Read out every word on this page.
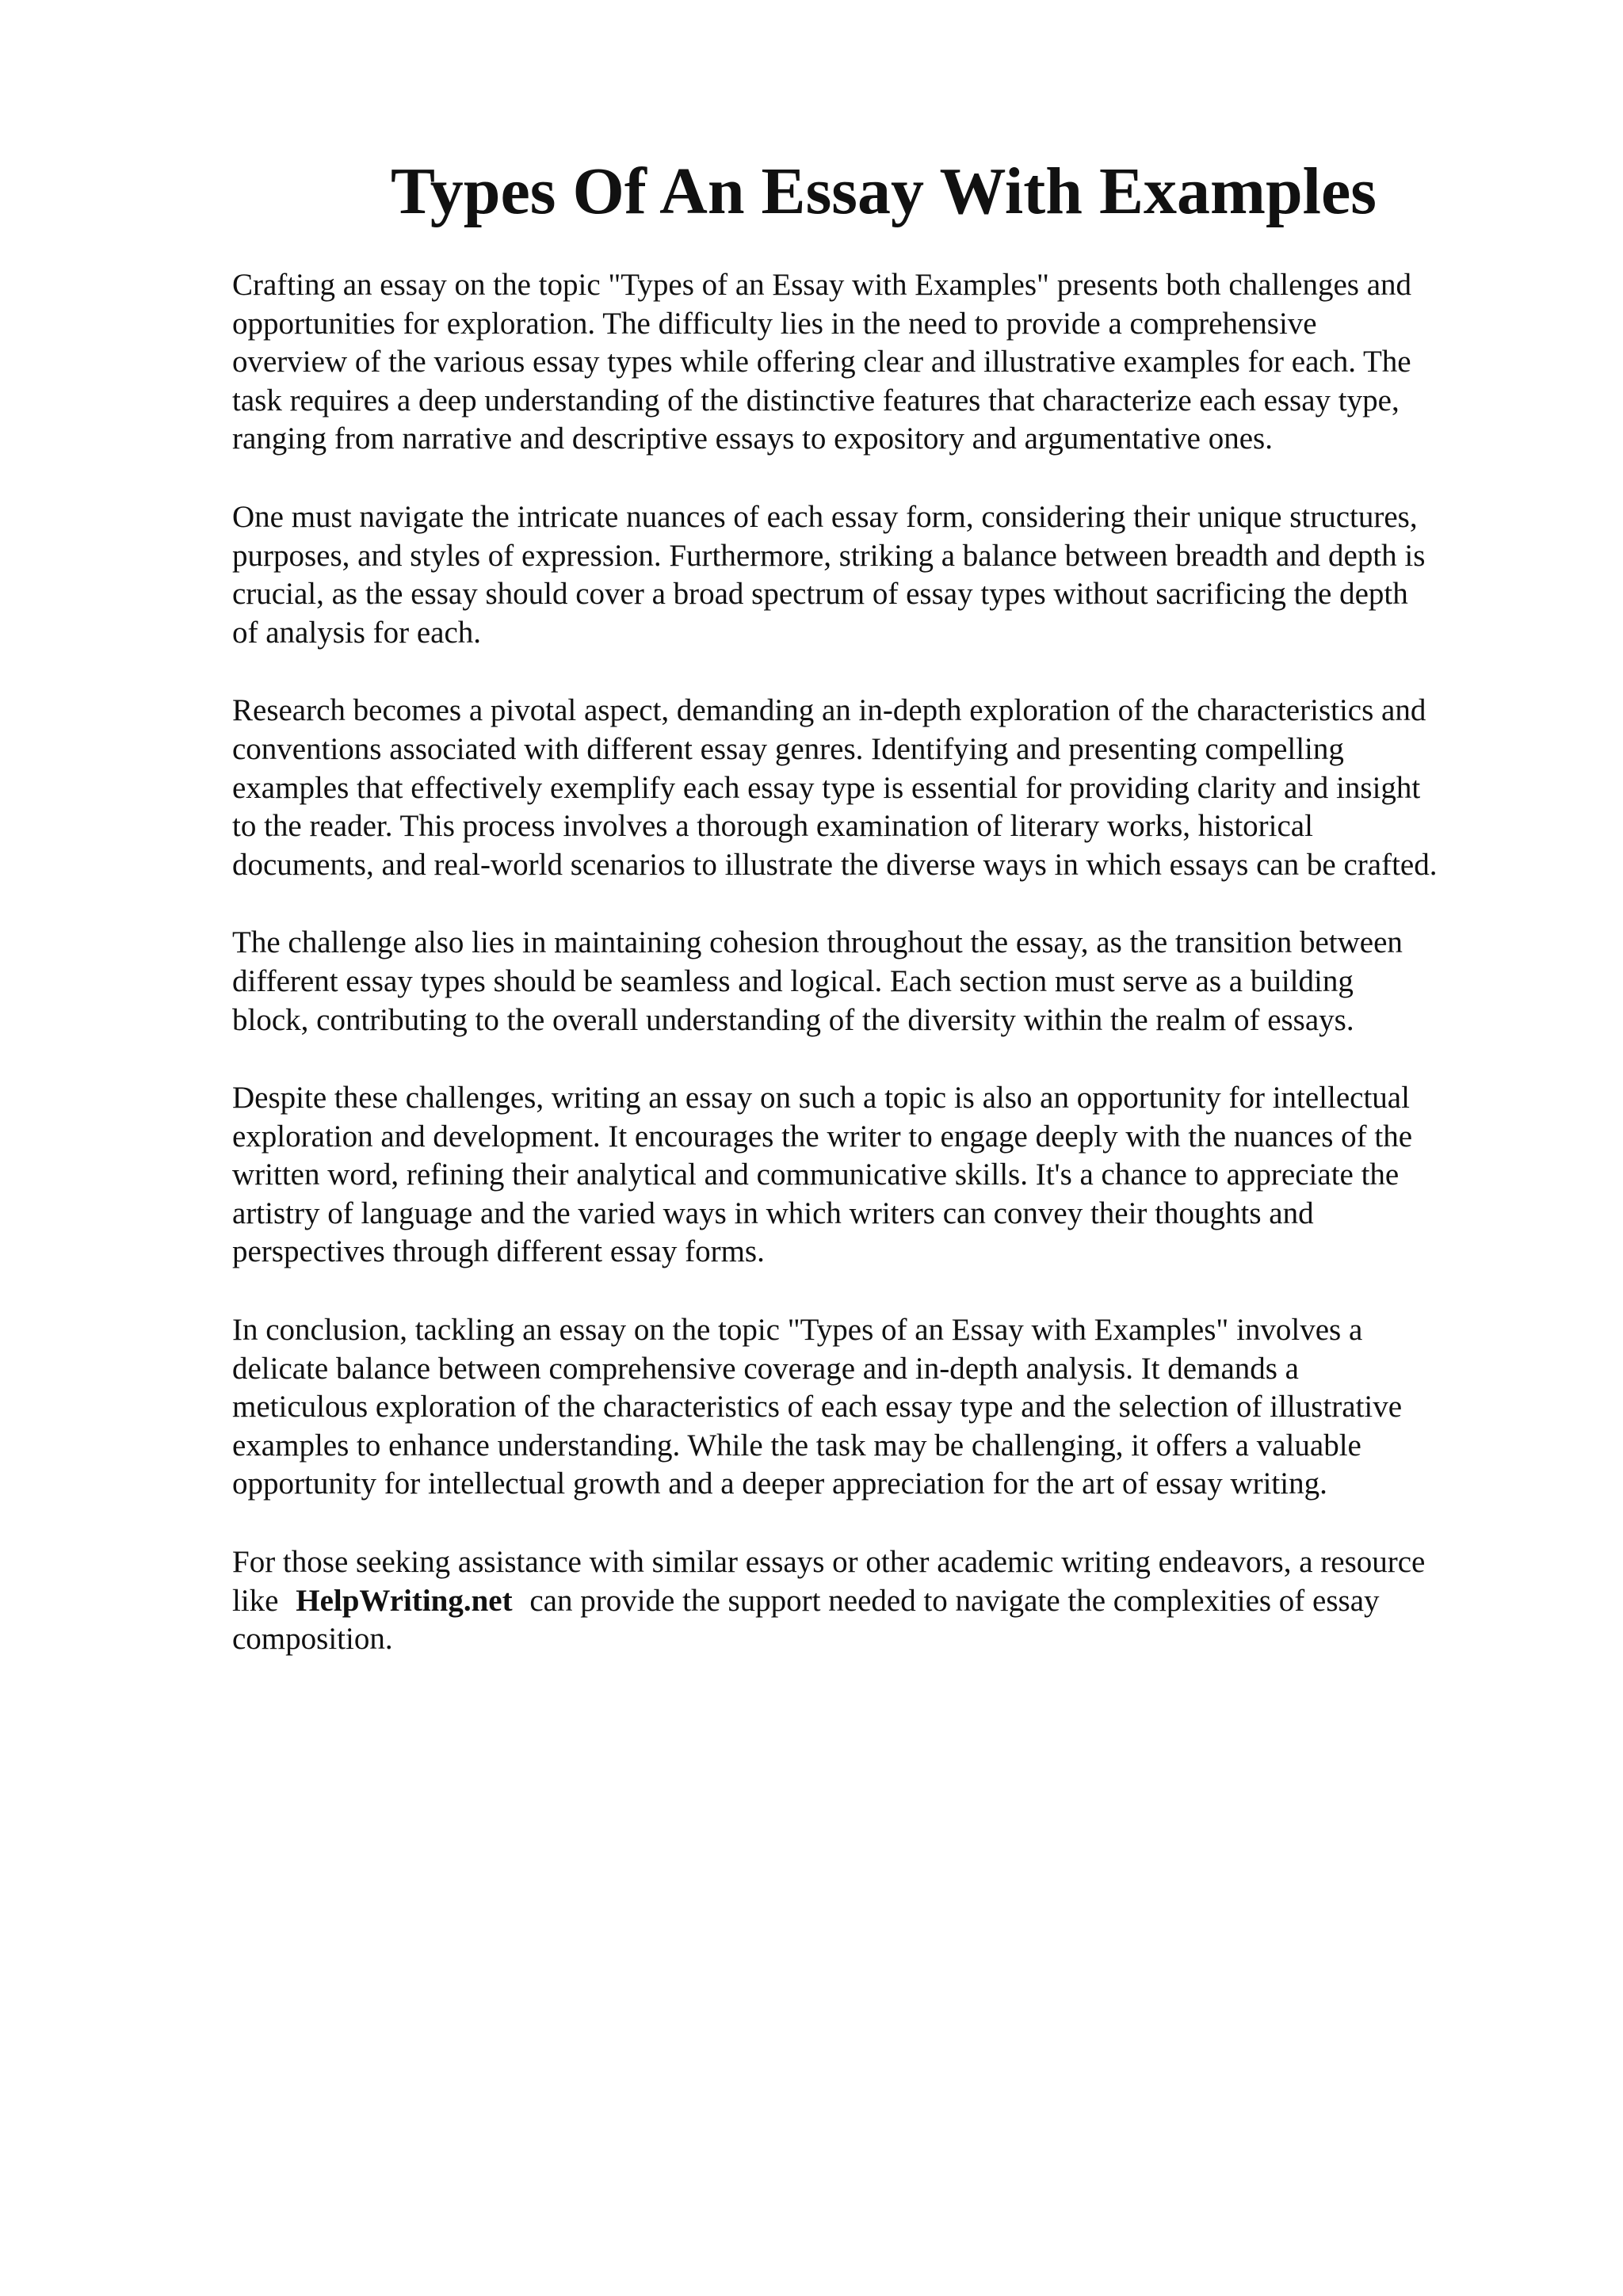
Types Of An Essay With Examples

Crafting an essay on the topic "Types of an Essay with Examples" presents both challenges and
opportunities for exploration. The difficulty lies in the need to provide a comprehensive
overview of the various essay types while offering clear and illustrative examples for each. The
task requires a deep understanding of the distinctive features that characterize each essay type,
ranging from narrative and descriptive essays to expository and argumentative ones.

One must navigate the intricate nuances of each essay form, considering their unique structures,
purposes, and styles of expression. Furthermore, striking a balance between breadth and depth is
crucial, as the essay should cover a broad spectrum of essay types without sacrificing the depth
of analysis for each.

Research becomes a pivotal aspect, demanding an in-depth exploration of the characteristics and
conventions associated with different essay genres. Identifying and presenting compelling
examples that effectively exemplify each essay type is essential for providing clarity and insight
to the reader. This process involves a thorough examination of literary works, historical
documents, and real-world scenarios to illustrate the diverse ways in which essays can be crafted.

The challenge also lies in maintaining cohesion throughout the essay, as the transition between
different essay types should be seamless and logical. Each section must serve as a building
block, contributing to the overall understanding of the diversity within the realm of essays.

Despite these challenges, writing an essay on such a topic is also an opportunity for intellectual
exploration and development. It encourages the writer to engage deeply with the nuances of the
written word, refining their analytical and communicative skills. It's a chance to appreciate the
artistry of language and the varied ways in which writers can convey their thoughts and
perspectives through different essay forms.

In conclusion, tackling an essay on the topic "Types of an Essay with Examples" involves a
delicate balance between comprehensive coverage and in-depth analysis. It demands a
meticulous exploration of the characteristics of each essay type and the selection of illustrative
examples to enhance understanding. While the task may be challenging, it offers a valuable
opportunity for intellectual growth and a deeper appreciation for the art of essay writing.

For those seeking assistance with similar essays or other academic writing endeavors, a resource
like HelpWriting.net can provide the support needed to navigate the complexities of essay
composition.
